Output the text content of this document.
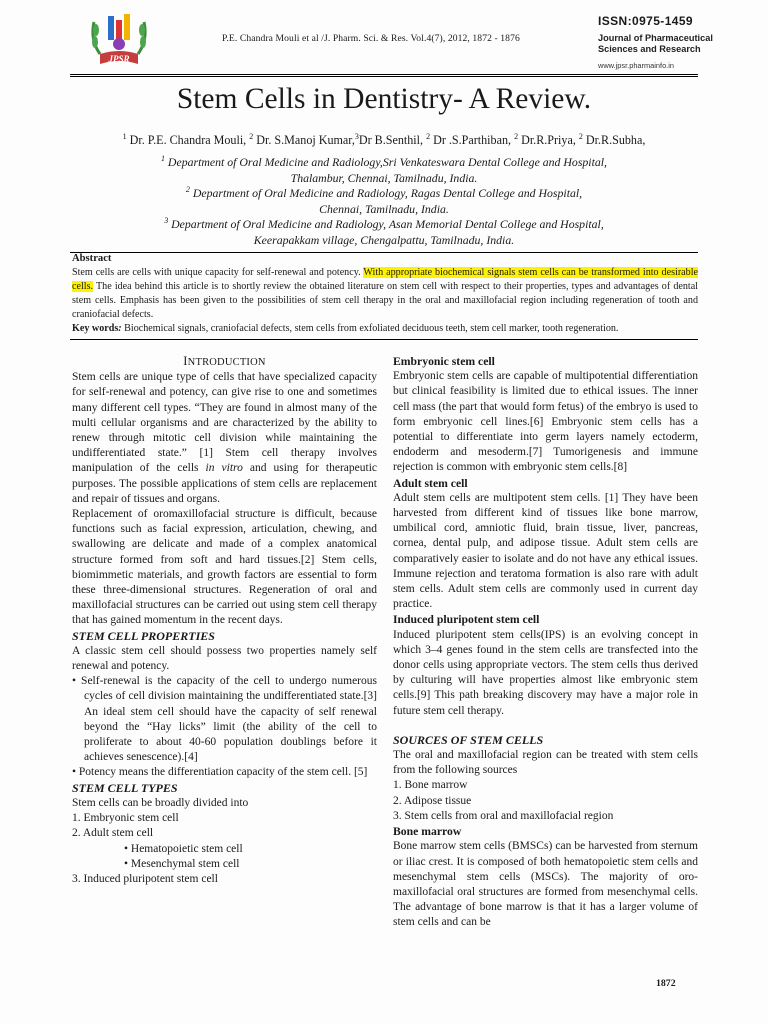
JPSR
P.E. Chandra Mouli et al /J. Pharm. Sci. & Res. Vol.4(7), 2012, 1872 - 1876
ISSN:0975-1459
Journal of Pharmaceutical
Sciences and Research
www.jpsr.pharmainfo.in
Stem Cells in Dentistry- A Review.
$^1$ Dr. P.E. Chandra Mouli, $^2$ Dr. S.Manoj Kumar,$^3$Dr B.Senthil, $^2$ Dr .S.Parthiban, $^2$ Dr.R.Priya, $^2$ Dr.R.Subha,
$^1$ Department of Oral Medicine and Radiology,Sri Venkateswara Dental College and Hospital,
Thalambur, Chennai, Tamilnadu, India.
$^2$ Department of Oral Medicine and Radiology, Ragas Dental College and Hospital,
Chennai, Tamilnadu, India.
$^3$ Department of Oral Medicine and Radiology, Asan Memorial Dental College and Hospital,
Keerapakkam village, Chengalpattu, Tamilnadu, India.
Abstract
Stem cells are cells with unique capacity for self-renewal and potency. With appropriate biochemical signals stem cells can be transformed into desirable cells. The idea behind this article is to shortly review the obtained literature on stem cell with respect to their properties, types and advantages of dental stem cells. Emphasis has been given to the possibilities of stem cell therapy in the oral and maxillofacial region including regeneration of tooth and craniofacial defects.
Key words: Biochemical signals, craniofacial defects, stem cells from exfoliated deciduous teeth, stem cell marker, tooth regeneration.
INTRODUCTION

Stem cells are unique type of cells that have specialized capacity for self-renewal and potency, can give rise to one and sometimes many different cell types. “They are found in almost many of the multi cellular organisms and are characterized by the ability to renew through mitotic cell division while maintaining the undifferentiated state.” [1] Stem cell therapy involves manipulation of the cells in vitro and using for therapeutic purposes. The possible applications of stem cells are replacement and repair of tissues and organs.

Replacement of oromaxillofacial structure is difficult, because functions such as facial expression, articulation, chewing, and swallowing are delicate and made of a complex anatomical structure formed from soft and hard tissues.[2] Stem cells, biomimmetic materials, and growth factors are essential to form these three-dimensional structures. Regeneration of oral and maxillofacial structures can be carried out using stem cell therapy that has gained momentum in the recent days.

STEM CELL PROPERTIES

A classic stem cell should possess two properties namely self renewal and potency.

• Self-renewal is the capacity of the cell to undergo numerous cycles of cell division maintaining the undifferentiated state.[3] An ideal stem cell should have the capacity of self renewal beyond the “Hay licks” limit (the ability of the cell to proliferate to about 40-60 population doublings before it achieves senescence).[4]

• Potency means the differentiation capacity of the stem cell. [5]

STEM CELL TYPES

Stem cells can be broadly divided into

1. Embryonic stem cell
2. Adult stem cell
• Hematopoietic stem cell
• Mesenchymal stem cell
3. Induced pluripotent stem cell
Embryonic stem cell

Embryonic stem cells are capable of multipotential differentiation but clinical feasibility is limited due to ethical issues. The inner cell mass (the part that would form fetus) of the embryo is used to form embryonic cell lines.[6] Embryonic stem cells has a potential to differentiate into germ layers namely ectoderm, endoderm and mesoderm.[7] Tumorigenesis and immune rejection is common with embryonic stem cells.[8]

Adult stem cell

Adult stem cells are multipotent stem cells. [1] They have been harvested from different kind of tissues like bone marrow, umbilical cord, amniotic fluid, brain tissue, liver, pancreas, cornea, dental pulp, and adipose tissue. Adult stem cells are comparatively easier to isolate and do not have any ethical issues. Immune rejection and teratoma formation is also rare with adult stem cells. Adult stem cells are commonly used in current day practice.

Induced pluripotent stem cell

Induced pluripotent stem cells(IPS) is an evolving concept in which 3–4 genes found in the stem cells are transfected into the donor cells using appropriate vectors. The stem cells thus derived by culturing will have properties almost like embryonic stem cells.[9] This path breaking discovery may have a major role in future stem cell therapy.

SOURCES OF STEM CELLS

The oral and maxillofacial region can be treated with stem cells from the following sources

1. Bone marrow
2. Adipose tissue
3. Stem cells from oral and maxillofacial region
Bone marrow

Bone marrow stem cells (BMSCs) can be harvested from sternum or iliac crest. It is composed of both hematopoietic stem cells and mesenchymal stem cells (MSCs). The majority of oro-maxillofacial oral structures are formed from mesenchymal cells. The advantage of bone marrow is that it has a larger volume of stem cells and can be

1872
